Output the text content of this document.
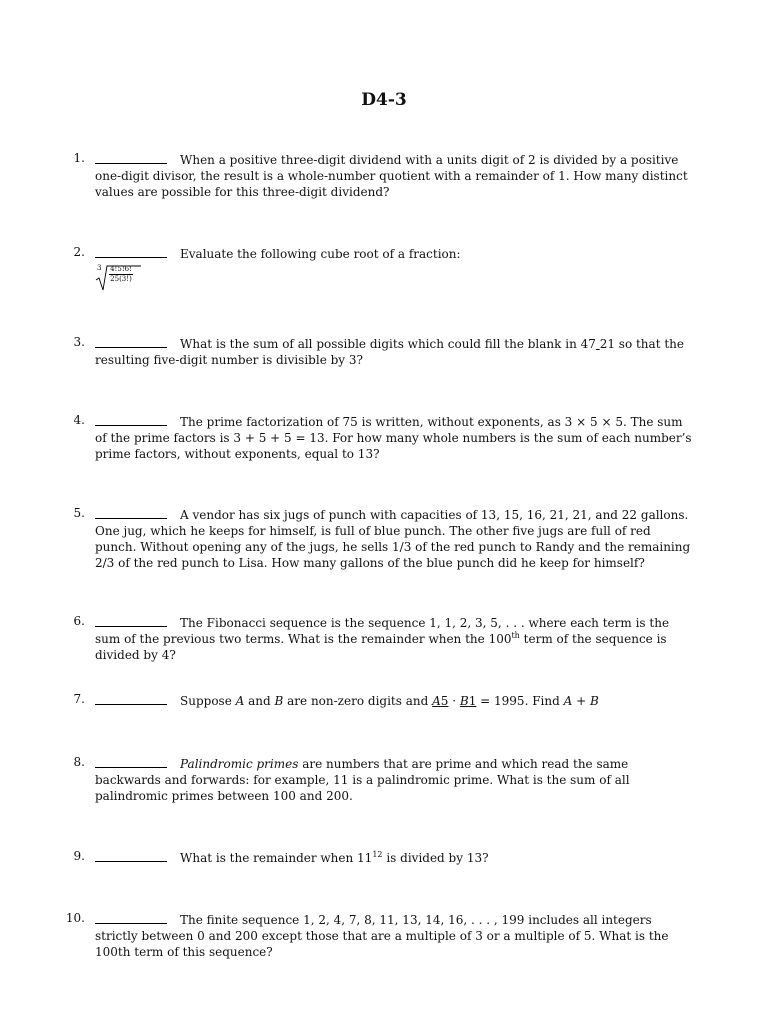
D4-3
1.	When a positive three-digit dividend with a units digit of 2 is divided by a positive one-digit divisor, the result is a whole-number quotient with a remainder of 1. How many distinct values are possible for this three-digit dividend?
2.	Evaluate the following cube root of a fraction:
3 4!5!6!
25(3!)
3.	What is the sum of all possible digits which could fill the blank in 47 21 so that the resulting five-digit number is divisible by 3?
4.	The prime factorization of 75 is written, without exponents, as 3 × 5 × 5. The sum of the prime factors is 3 + 5 + 5 = 13. For how many whole numbers is the sum of each number’s prime factors, without exponents, equal to 13?
5.	A vendor has six jugs of punch with capacities of 13, 15, 16, 21, 21, and 22 gallons. One jug, which he keeps for himself, is full of blue punch. The other five jugs are full of red punch. Without opening any of the jugs, he sells 1/3 of the red punch to Randy and the remaining 2/3 of the red punch to Lisa. How many gallons of the blue punch did he keep for himself?
6.	The Fibonacci sequence is the sequence 1, 1, 2, 3, 5, . . . where each term is the sum of the previous two terms. What is the remainder when the 100th term of the sequence is divided by 4?
7.	Suppose A and B are non-zero digits and A5 · B1 = 1995. Find A + B
8.	Palindromic primes are numbers that are prime and which read the same backwards and forwards: for example, 11 is a palindromic prime. What is the sum of all palindromic primes between 100 and 200.
9.	What is the remainder when $11^{12}$ is divided by 13?
10.	The finite sequence 1, 2, 4, 7, 8, 11, 13, 14, 16, . . . , 199 includes all integers strictly between 0 and 200 except those that are a multiple of 3 or a multiple of 5. What is the 100th term of this sequence?
